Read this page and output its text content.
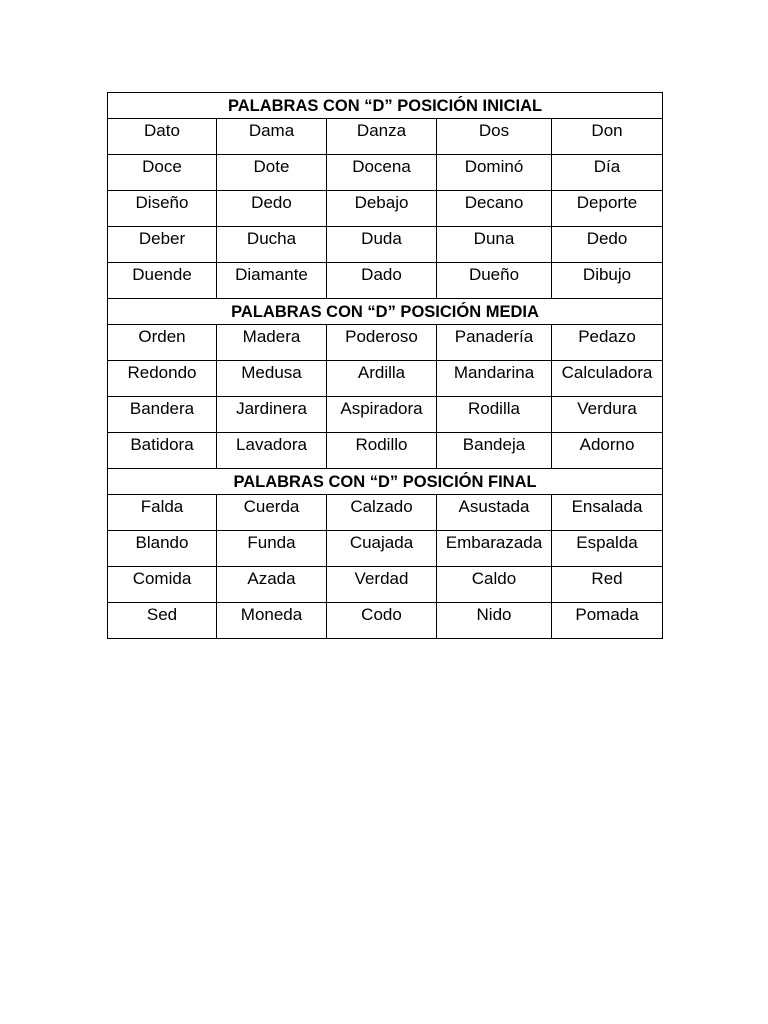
PALABRAS CON “D” POSICIÓN INICIAL				
Dato	Dama	Danza	Dos	Don
Doce	Dote	Docena	Dominó	Día
Diseño	Dedo	Debajo	Decano	Deporte
Deber	Ducha	Duda	Duna	Dedo
Duende	Diamante	Dado	Dueño	Dibujo
PALABRAS CON “D” POSICIÓN MEDIA				
Orden	Madera	Poderoso	Panadería	Pedazo
Redondo	Medusa	Ardilla	Mandarina	Calculadora
Bandera	Jardinera	Aspiradora	Rodilla	Verdura
Batidora	Lavadora	Rodillo	Bandeja	Adorno
PALABRAS CON “D” POSICIÓN FINAL				
Falda	Cuerda	Calzado	Asustada	Ensalada
Blando	Funda	Cuajada	Embarazada	Espalda
Comida	Azada	Verdad	Caldo	Red
Sed	Moneda	Codo	Nido	Pomada
